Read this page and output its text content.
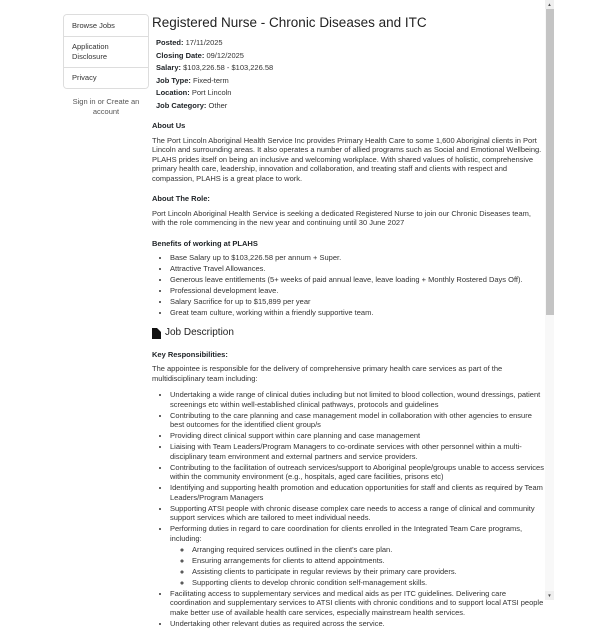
Browse Jobs
Application Disclosure
Privacy
Sign in or Create an account
Registered Nurse - Chronic Diseases and ITC
Posted: 17/11/2025
Closing Date: 09/12/2025
Salary: $103,226.58 - $103,226.58
Job Type: Fixed-term
Location: Port Lincoln
Job Category: Other
About Us

The Port Lincoln Aboriginal Health Service Inc provides Primary Health Care to some 1,600 Aboriginal clients in Port Lincoln and surrounding areas. It also operates a number of allied programs such as Social and Emotional Wellbeing. PLAHS prides itself on being an inclusive and welcoming workplace. With shared values of holistic, comprehensive primary health care, leadership, innovation and collaboration, and treating staff and clients with respect and compassion, PLAHS is a great place to work.

About The Role:

Port Lincoln Aboriginal Health Service is seeking a dedicated Registered Nurse to join our Chronic Diseases team, with the role commencing in the new year and continuing until 30 June 2027

Benefits of working at PLAHS
• Base Salary up to $103,226.58 per annum + Super.
• Attractive Travel Allowances.
• Generous leave entitlements (5+ weeks of paid annual leave, leave loading + Monthly Rostered Days Off).
• Professional development leave.
• Salary Sacrifice for up to $15,899 per year
• Great team culture, working within a friendly supportive team.
Job Description
Key Responsibilities:

The appointee is responsible for the delivery of comprehensive primary health care services as part of the multidisciplinary team including:

• Undertaking a wide range of clinical duties including but not limited to blood collection, wound dressings, patient screenings etc within well-established clinical pathways, protocols and guidelines
• Contributing to the care planning and case management model in collaboration with other agencies to ensure best outcomes for the identified client group/s
• Providing direct clinical support within care planning and case management
• Liaising with Team Leaders/Program Managers to co-ordinate services with other personnel within a multi-disciplinary team environment and external partners and service providers.
• Contributing to the facilitation of outreach services/support to Aboriginal people/groups unable to access services within the community environment (e.g., hospitals, aged care facilities, prisons etc)
• Identifying and supporting health promotion and education opportunities for staff and clients as required by Team Leaders/Program Managers
• Supporting ATSI people with chronic disease complex care needs to access a range of clinical and community support services which are tailored to meet individual needs.
• Performing duties in regard to care coordination for clients enrolled in the Integrated Team Care programs, including:
◦ Arranging required services outlined in the client's care plan.
◦ Ensuring arrangements for clients to attend appointments.
◦ Assisting clients to participate in regular reviews by their primary care providers.
◦ Supporting clients to develop chronic condition self-management skills.
• Facilitating access to supplementary services and medical aids as per ITC guidelines. Delivering care coordination and supplementary services to ATSI clients with chronic conditions and to support local ATSI people make better use of available health care services, especially mainstream health services.
• Undertaking other relevant duties as required across the service.
▲
▼
